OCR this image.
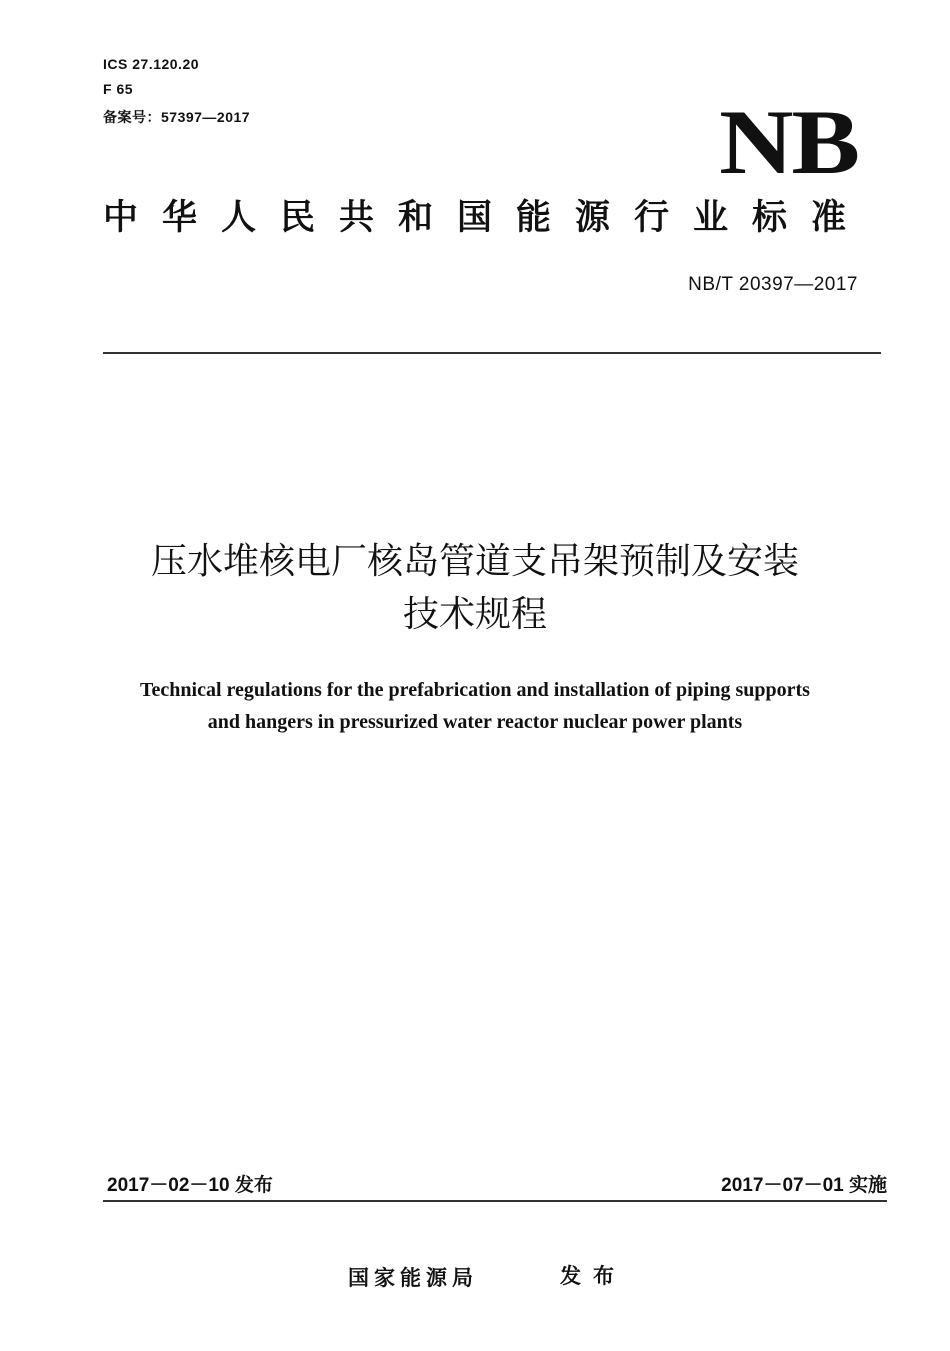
ICS 27.120.20
F 65
备案号：57397—2017	NB
中华人民共和国能源行业标准
NB/T 20397—2017
压水堆核电厂核岛管道支吊架预制及安装
技术规程
Technical regulations for the prefabrication and installation of piping supports
and hangers in pressurized water reactor nuclear power plants
2017－02－10 发布	2017－07－01 实施
国家能源局	发布
